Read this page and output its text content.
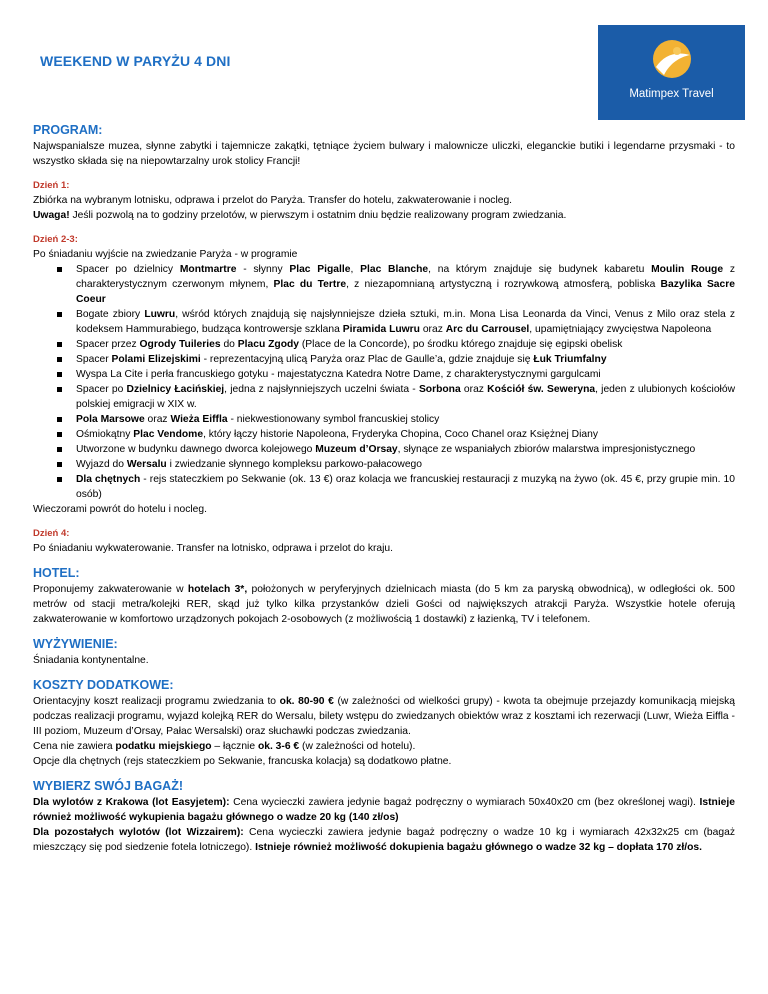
WEEKEND W PARYŻU 4 DNI
Matimpex Travel
PROGRAM:

Najwspanialsze muzea, słynne zabytki i tajemnicze zakątki, tętniące życiem bulwary i malownicze uliczki, eleganckie butiki i legendarne przysmaki - to wszystko składa się na niepowtarzalny urok stolicy Francji!

Dzień 1:

Zbiórka na wybranym lotnisku, odprawa i przelot do Paryża. Transfer do hotelu, zakwaterowanie i nocleg.

Uwaga! Jeśli pozwolą na to godziny przelotów, w pierwszym i ostatnim dniu będzie realizowany program zwiedzania.

Dzień 2-3:

Po śniadaniu wyjście na zwiedzanie Paryża - w programie

Spacer po dzielnicy Montmartre - słynny Plac Pigalle, Plac Blanche, na którym znajduje się budynek kabaretu Moulin Rouge z charakterystycznym czerwonym młynem, Plac du Tertre, z niezapomnianą artystyczną i rozrywkową atmosferą, pobliska Bazylika Sacre Coeur
Bogate zbiory Luwru, wśród których znajdują się najsłynniejsze dzieła sztuki, m.in. Mona Lisa Leonarda da Vinci, Venus z Milo oraz stela z kodeksem Hammurabiego, budząca kontrowersje szklana Piramida Luwru oraz Arc du Carrousel, upamiętniający zwycięstwa Napoleona
Spacer przez Ogrody Tuileries do Placu Zgody (Place de la Concorde), po środku którego znajduje się egipski obelisk
Spacer Polami Elizejskimi - reprezentacyjną ulicą Paryża oraz Plac de Gaulle’a, gdzie znajduje się Łuk Triumfalny
Wyspa La Cite i perła francuskiego gotyku - majestatyczna Katedra Notre Dame, z charakterystycznymi gargulcami
Spacer po Dzielnicy Łacińskiej, jedna z najsłynniejszych uczelni świata - Sorbona oraz Kościół św. Seweryna, jeden z ulubionych kościołów polskiej emigracji w XIX w.
Pola Marsowe oraz Wieża Eiffla - niekwestionowany symbol francuskiej stolicy
Ośmiokątny Plac Vendome, który łączy historie Napoleona, Fryderyka Chopina, Coco Chanel oraz Księżnej Diany
Utworzone w budynku dawnego dworca kolejowego Muzeum d’Orsay, słynące ze wspaniałych zbiorów malarstwa impresjonistycznego
Wyjazd do Wersalu i zwiedzanie słynnego kompleksu parkowo-pałacowego
Dla chętnych - rejs stateczkiem po Sekwanie (ok. 13 €) oraz kolacja we francuskiej restauracji z muzyką na żywo (ok. 45 €, przy grupie min. 10 osób)

Wieczorami powrót do hotelu i nocleg.

Dzień 4:

Po śniadaniu wykwaterowanie. Transfer na lotnisko, odprawa i przelot do kraju.

HOTEL:

Proponujemy zakwaterowanie w hotelach 3*, położonych w peryferyjnych dzielnicach miasta (do 5 km za paryską obwodnicą), w odległości ok. 500 metrów od stacji metra/kolejki RER, skąd już tylko kilka przystanków dzieli Gości od największych atrakcji Paryża. Wszystkie hotele oferują zakwaterowanie w komfortowo urządzonych pokojach 2-osobowych (z możliwością 1 dostawki) z łazienką, TV i telefonem.

WYŻYWIENIE:

Śniadania kontynentalne.

KOSZTY DODATKOWE:

Orientacyjny koszt realizacji programu zwiedzania to ok. 80-90 € (w zależności od wielkości grupy) - kwota ta obejmuje przejazdy komunikacją miejską podczas realizacji programu, wyjazd kolejką RER do Wersalu, bilety wstępu do zwiedzanych obiektów wraz z kosztami ich rezerwacji (Luwr, Wieża Eiffla - III poziom, Muzeum d’Orsay, Pałac Wersalski) oraz słuchawki podczas zwiedzania.

Cena nie zawiera podatku miejskiego – łącznie ok. 3-6 € (w zależności od hotelu).

Opcje dla chętnych (rejs stateczkiem po Sekwanie, francuska kolacja) są dodatkowo płatne.

WYBIERZ SWÓJ BAGAŻ!

Dla wylotów z Krakowa (lot Easyjetem): Cena wycieczki zawiera jedynie bagaż podręczny o wymiarach 50x40x20 cm (bez określonej wagi). Istnieje również możliwość wykupienia bagażu głównego o wadze 20 kg (140 zł/os)

Dla pozostałych wylotów (lot Wizzairem): Cena wycieczki zawiera jedynie bagaż podręczny o wadze 10 kg i wymiarach 42x32x25 cm (bagaż mieszczący się pod siedzenie fotela lotniczego). Istnieje również możliwość dokupienia bagażu głównego o wadze 32 kg – dopłata 170 zł/os.
